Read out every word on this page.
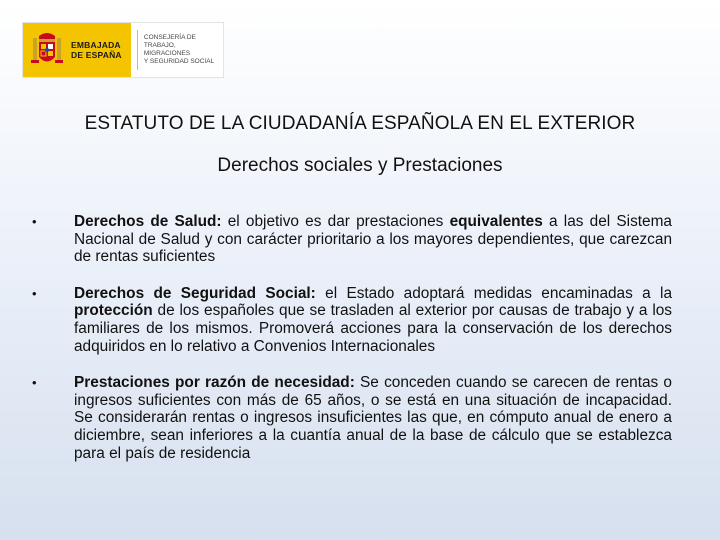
EMBAJADA
DE ESPAÑA
CONSEJERÍA DE TRABAJO,
MIGRACIONES
Y SEGURIDAD SOCIAL
ESTATUTO DE LA CIUDADANÍA ESPAÑOLA EN EL EXTERIOR
Derechos sociales y Prestaciones
• Derechos de Salud: el objetivo es dar prestaciones equivalentes a las del Sistema Nacional de Salud y con carácter prioritario a los mayores dependientes, que carezcan de rentas suficientes
• Derechos de Seguridad Social: el Estado adoptará medidas encaminadas a la protección de los españoles que se trasladen al exterior por causas de trabajo y a los familiares de los mismos. Promoverá acciones para la conservación de los derechos adquiridos en lo relativo a Convenios Internacionales
• Prestaciones por razón de necesidad: Se conceden cuando se carecen de rentas o ingresos suficientes con más de 65 años, o se está en una situación de incapacidad. Se considerarán rentas o ingresos insuficientes las que, en cómputo anual de enero a diciembre, sean inferiores a la cuantía anual de la base de cálculo que se establezca para el país de residencia
